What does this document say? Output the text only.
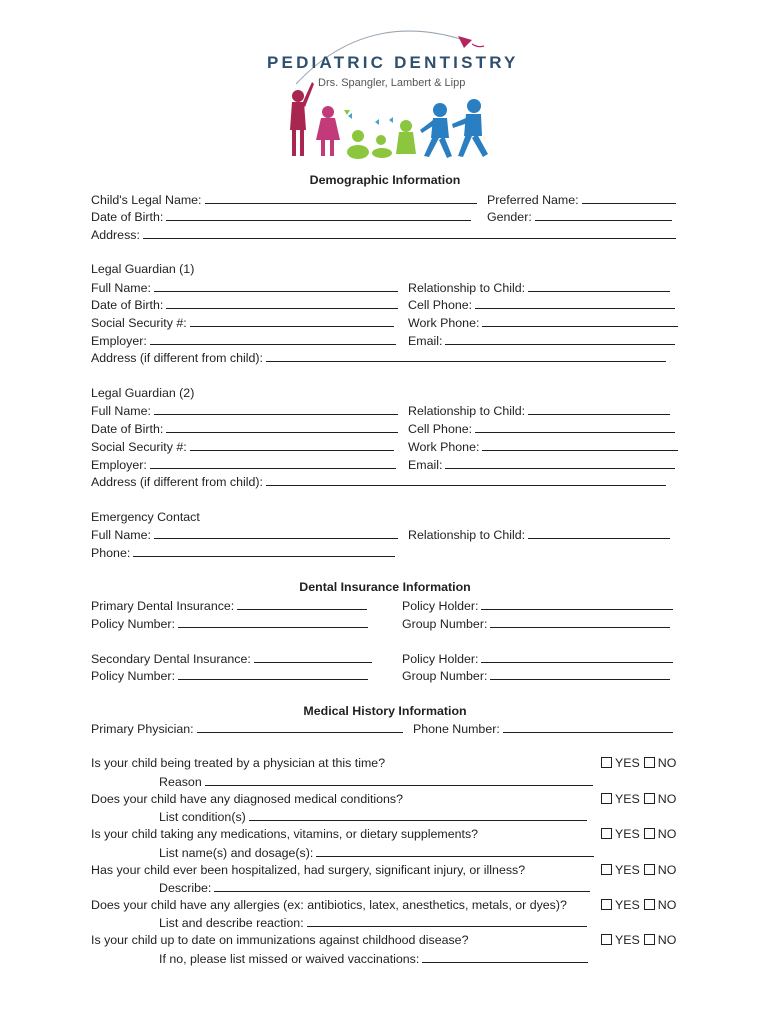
PEDIATRIC DENTISTRY
Drs. Spangler, Lambert & Lipp
Demographic Information
Child's Legal Name:	Preferred Name:
Date of Birth:	Gender:
Address:
Legal Guardian (1)
Full Name:	Relationship to Child:
Date of Birth:	Cell Phone:
Social Security #:	Work Phone:
Employer:	Email:
Address (if different from child):
Legal Guardian (2)
Full Name:	Relationship to Child:
Date of Birth:	Cell Phone:
Social Security #:	Work Phone:
Employer:	Email:
Address (if different from child):
Emergency Contact
Full Name:	Relationship to Child:
Phone:
Dental Insurance Information
Primary Dental Insurance:	Policy Holder:
Policy Number:	Group Number:
Secondary Dental Insurance:	Policy Holder:
Policy Number:	Group Number:
Medical History Information
Primary Physician:	Phone Number:
Is your child being treated by a physician at this time?	YES NO
Reason
Does your child have any diagnosed medical conditions?	YES NO
List condition(s)
Is your child taking any medications, vitamins, or dietary supplements?	YES NO
List name(s) and dosage(s):
Has your child ever been hospitalized, had surgery, significant injury, or illness?	YES NO
Describe:
Does your child have any allergies (ex: antibiotics, latex, anesthetics, metals, or dyes)?	YES NO
List and describe reaction:
Is your child up to date on immunizations against childhood disease?	YES NO
If no, please list missed or waived vaccinations:
